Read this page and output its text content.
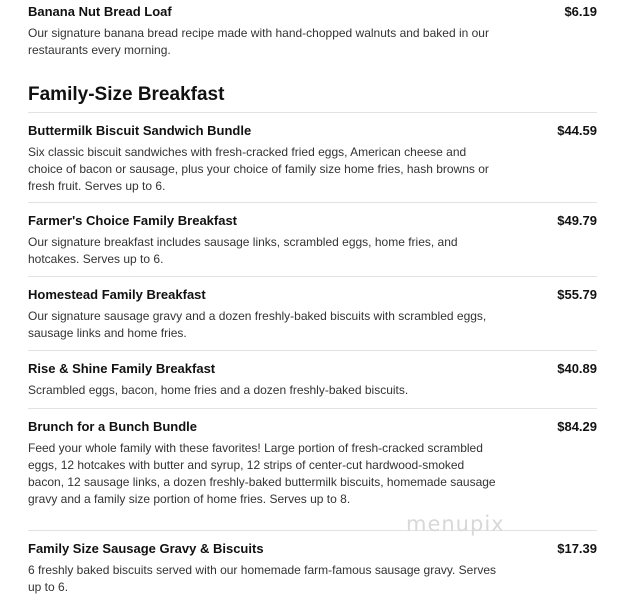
Banana Nut Bread Loaf	$6.19
Our signature banana bread recipe made with hand-chopped walnuts and baked in our restaurants every morning.
Family-Size Breakfast
Buttermilk Biscuit Sandwich Bundle	$44.59
Six classic biscuit sandwiches with fresh-cracked fried eggs, American cheese and choice of bacon or sausage, plus your choice of family size home fries, hash browns or fresh fruit. Serves up to 6.
Farmer's Choice Family Breakfast	$49.79
Our signature breakfast includes sausage links, scrambled eggs, home fries, and hotcakes. Serves up to 6.
Homestead Family Breakfast	$55.79
Our signature sausage gravy and a dozen freshly-baked biscuits with scrambled eggs, sausage links and home fries.
Rise & Shine Family Breakfast	$40.89
Scrambled eggs, bacon, home fries and a dozen freshly-baked biscuits.
Brunch for a Bunch Bundle	$84.29
Feed your whole family with these favorites! Large portion of fresh-cracked scrambled eggs, 12 hotcakes with butter and syrup, 12 strips of center-cut hardwood-smoked bacon, 12 sausage links, a dozen freshly-baked buttermilk biscuits, homemade sausage gravy and a family size portion of home fries. Serves up to 8.
Family Size Sausage Gravy & Biscuits	$17.39
6 freshly baked biscuits served with our homemade farm-famous sausage gravy. Serves up to 6.
menupix
